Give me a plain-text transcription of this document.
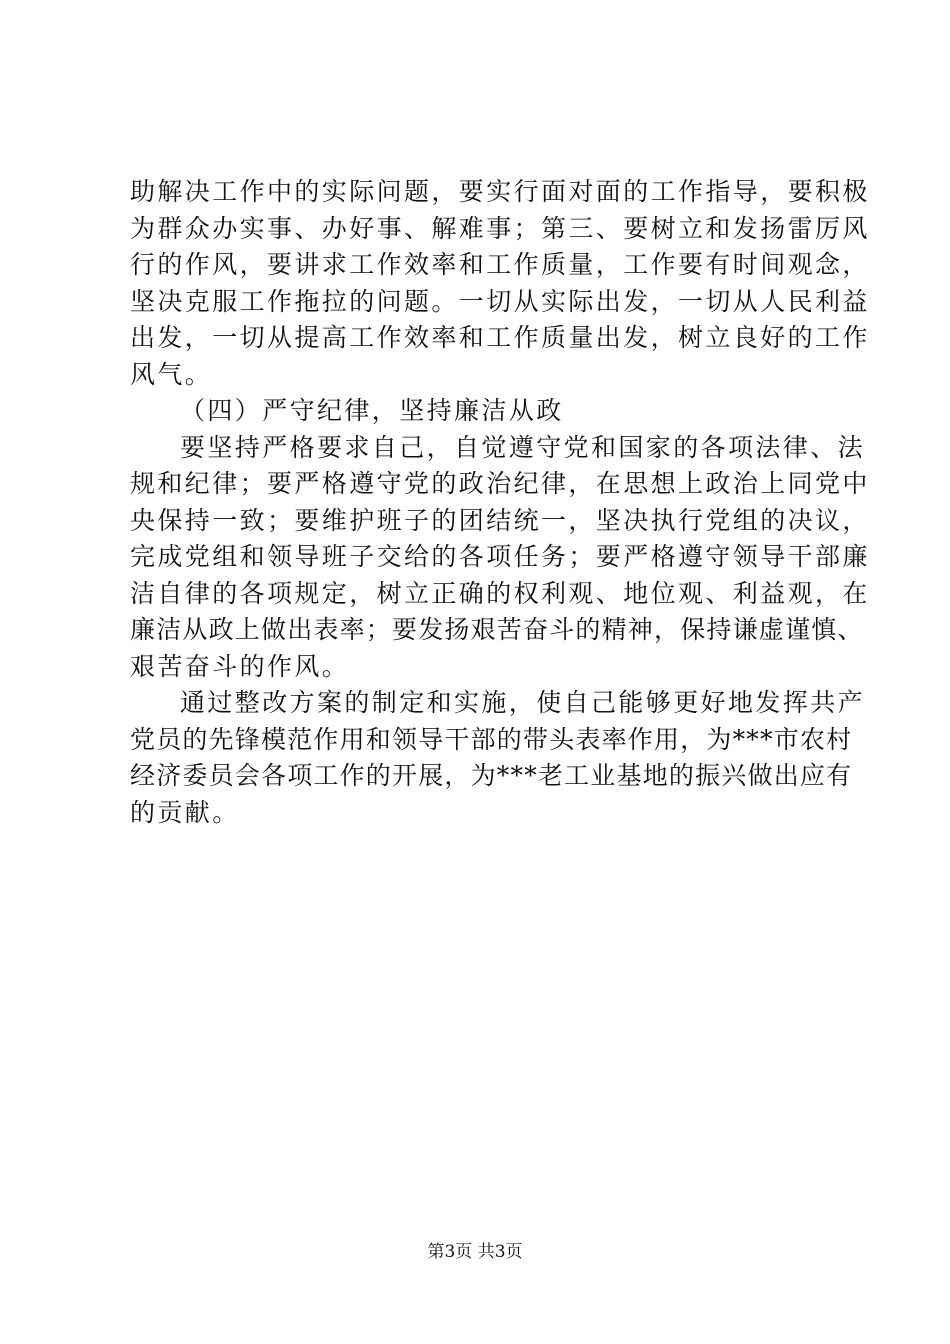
助解决工作中的实际问题，要实行面对面的工作指导，要积极
为群众办实事、办好事、解难事；第三、要树立和发扬雷厉风
行的作风，要讲求工作效率和工作质量，工作要有时间观念，
坚决克服工作拖拉的问题。一切从实际出发，一切从人民利益
出发，一切从提高工作效率和工作质量出发，树立良好的工作
风气。
（四）严守纪律，坚持廉洁从政
要坚持严格要求自己，自觉遵守党和国家的各项法律、法
规和纪律；要严格遵守党的政治纪律，在思想上政治上同党中
央保持一致；要维护班子的团结统一，坚决执行党组的决议，
完成党组和领导班子交给的各项任务；要严格遵守领导干部廉
洁自律的各项规定，树立正确的权利观、地位观、利益观，在
廉洁从政上做出表率；要发扬艰苦奋斗的精神，保持谦虚谨慎、
艰苦奋斗的作风。
通过整改方案的制定和实施，使自己能够更好地发挥共产
党员的先锋模范作用和领导干部的带头表率作用，为***市农村
经济委员会各项工作的开展，为***老工业基地的振兴做出应有
的贡献。
第3页 共3页
